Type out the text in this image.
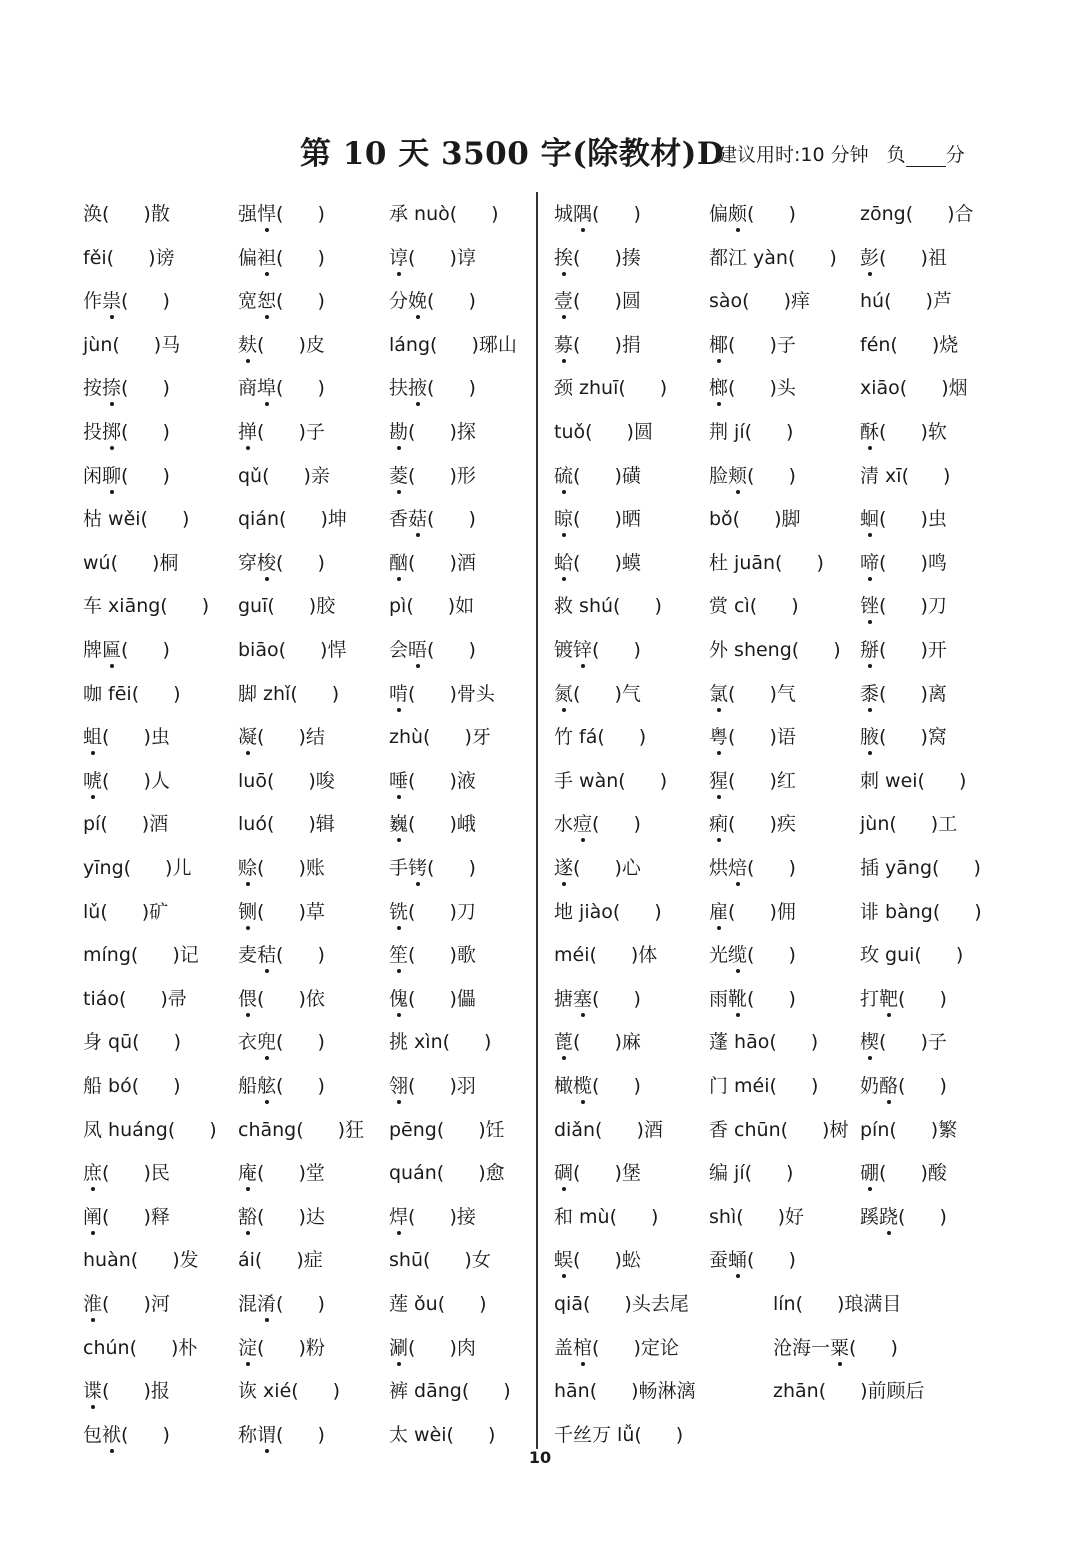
第 10 天 3500 字(除教材)D
建议用时:10 分钟 负 分
涣( )散
fěi( )谤
作祟( )
jùn( )马
按捺( )
投掷( )
闲聊( )
枯 wěi( )
wú( )桐
车 xiāng( )
牌匾( )
咖 fēi( )
蛆( )虫
唬( )人
pí( )酒
yīng( )儿
lǔ( )矿
míng( )记
tiáo( )帚
身 qū( )
船 bó( )
凤 huáng( )
庶( )民
阐( )释
huàn( )发
淮( )河
chún( )朴
谍( )报
包袱( )
强悍( )
偏袒( )
宽恕( )
麸( )皮
商埠( )
掸( )子
qǔ( )亲
qián( )坤
穿梭( )
guī( )胶
biāo( )悍
脚 zhǐ( )
凝( )结
luō( )唆
luó( )辑
赊( )账
铡( )草
麦秸( )
偎( )依
衣兜( )
船舷( )
chāng( )狂
庵( )堂
豁( )达
ái( )症
混淆( )
淀( )粉
诙 xié( )
称谓( )
承 nuò( )
谆( )谆
分娩( )
láng( )琊山
扶掖( )
勘( )探
菱( )形
香菇( )
酗( )酒
pì( )如
会晤( )
啃( )骨头
zhù( )牙
唾( )液
巍( )峨
手铐( )
铣( )刀
笙( )歌
傀( )儡
挑 xìn( )
翎( )羽
pēng( )饪
quán( )愈
焊( )接
shū( )女
莲 ǒu( )
涮( )肉
裤 dāng( )
太 wèi( )
城隅( )
挨( )揍
壹( )圆
募( )捐
颈 zhuī( )
tuǒ( )圆
硫( )磺
晾( )晒
蛤( )蟆
救 shú( )
镀锌( )
氮( )气
竹 fá( )
手 wàn( )
水痘( )
遂( )心
地 jiào( )
méi( )体
搪塞( )
蓖( )麻
橄榄( )
diǎn( )酒
碉( )堡
和 mù( )
蜈( )蚣
偏颇( )
都江 yàn( )
sào( )痒
椰( )子
榔( )头
荆 jí( )
脸颊( )
bǒ( )脚
杜 juān( )
赏 cì( )
外 sheng( )
氯( )气
粤( )语
猩( )红
痢( )疾
烘焙( )
雇( )佣
光缆( )
雨靴( )
蓬 hāo( )
门 méi( )
香 chūn( )树
编 jí( )
shì( )好
蚕蛹( )
zōng( )合
彭( )祖
hú( )芦
fén( )烧
xiāo( )烟
酥( )软
清 xī( )
蛔( )虫
啼( )鸣
锉( )刀
掰( )开
黍( )离
腋( )窝
刺 wei( )
jùn( )工
插 yāng( )
诽 bàng( )
玫 gui( )
打靶( )
楔( )子
奶酪( )
pín( )繁
硼( )酸
蹊跷( )
qiā( )头去尾
盖棺( )定论
hān( )畅淋漓
千丝万 lǚ( )
lín( )琅满目
沧海一粟( )
zhān( )前顾后
10
